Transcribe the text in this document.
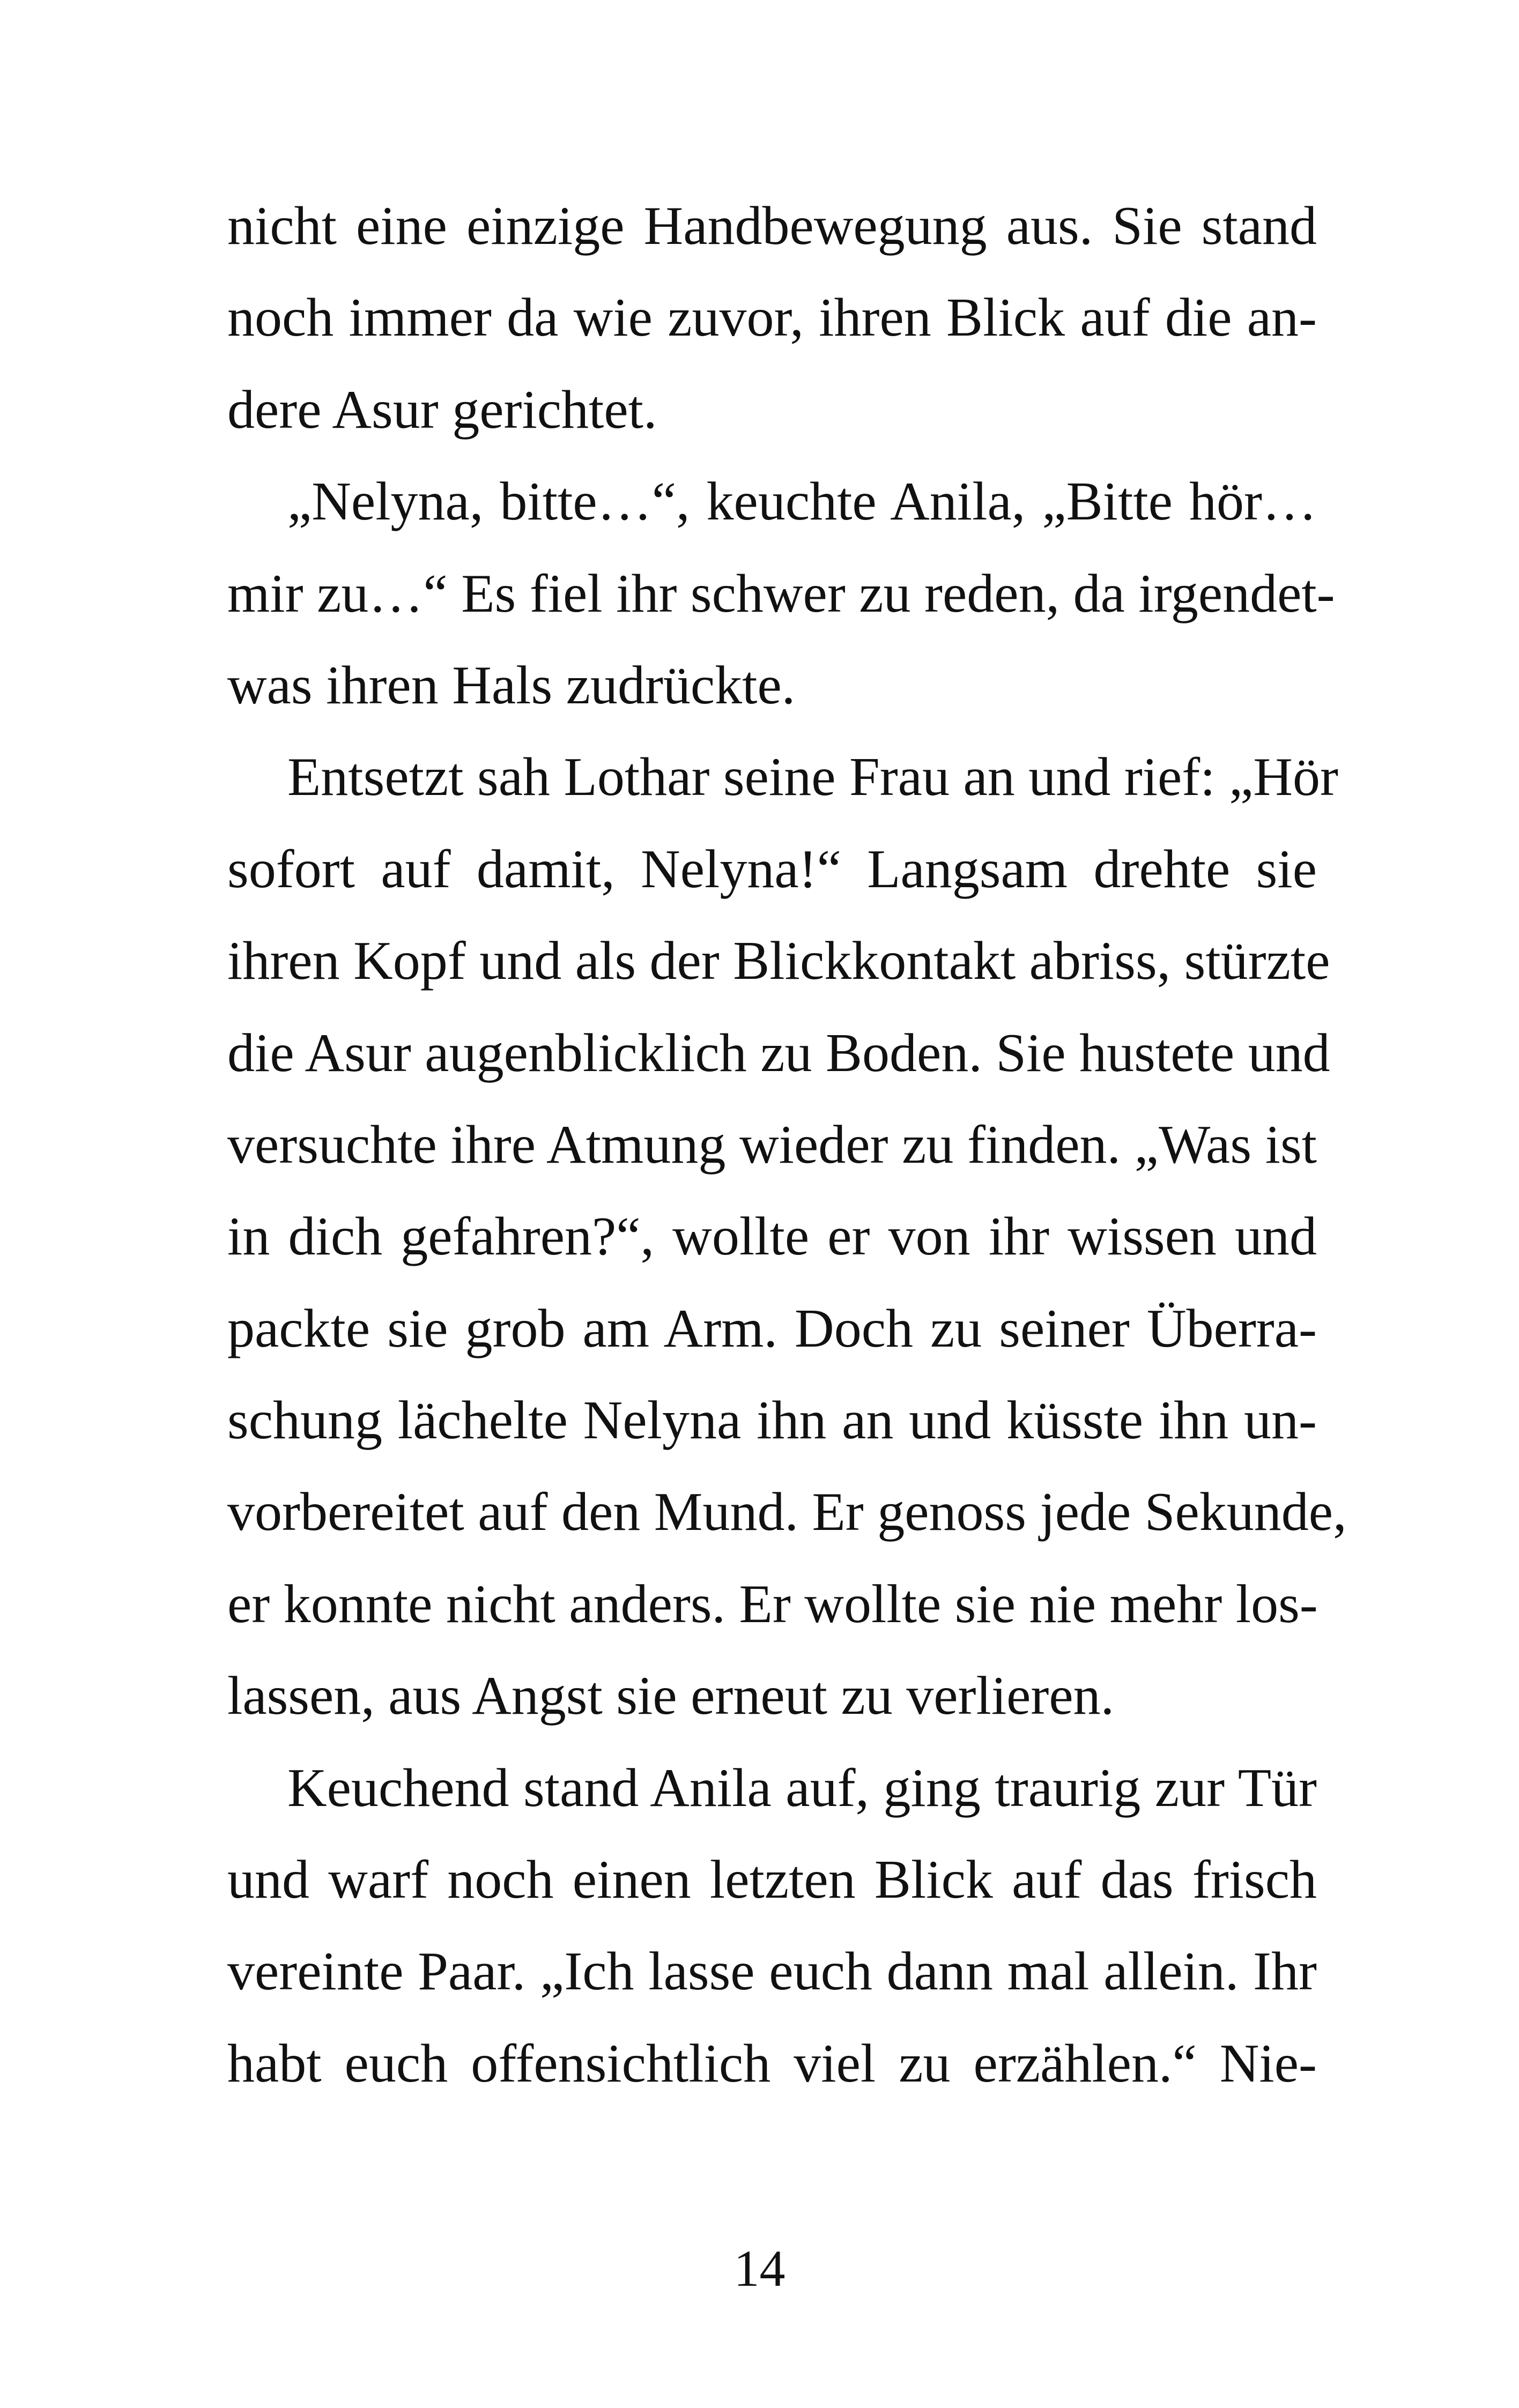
nicht eine einzige Handbewegung aus. Sie stand
noch immer da wie zuvor, ihren Blick auf die an-
dere Asur gerichtet.
„Nelyna, bitte…“, keuchte Anila, „Bitte hör…
mir zu…“ Es fiel ihr schwer zu reden, da irgendet-
was ihren Hals zudrückte.
Entsetzt sah Lothar seine Frau an und rief: „Hör
sofort auf damit, Nelyna!“ Langsam drehte sie
ihren Kopf und als der Blickkontakt abriss, stürzte
die Asur augenblicklich zu Boden. Sie hustete und
versuchte ihre Atmung wieder zu finden. „Was ist
in dich gefahren?“, wollte er von ihr wissen und
packte sie grob am Arm. Doch zu seiner Überra-
schung lächelte Nelyna ihn an und küsste ihn un-
vorbereitet auf den Mund. Er genoss jede Sekunde,
er konnte nicht anders. Er wollte sie nie mehr los-
lassen, aus Angst sie erneut zu verlieren.
Keuchend stand Anila auf, ging traurig zur Tür
und warf noch einen letzten Blick auf das frisch
vereinte Paar. „Ich lasse euch dann mal allein. Ihr
habt euch offensichtlich viel zu erzählen.“ Nie-
14
